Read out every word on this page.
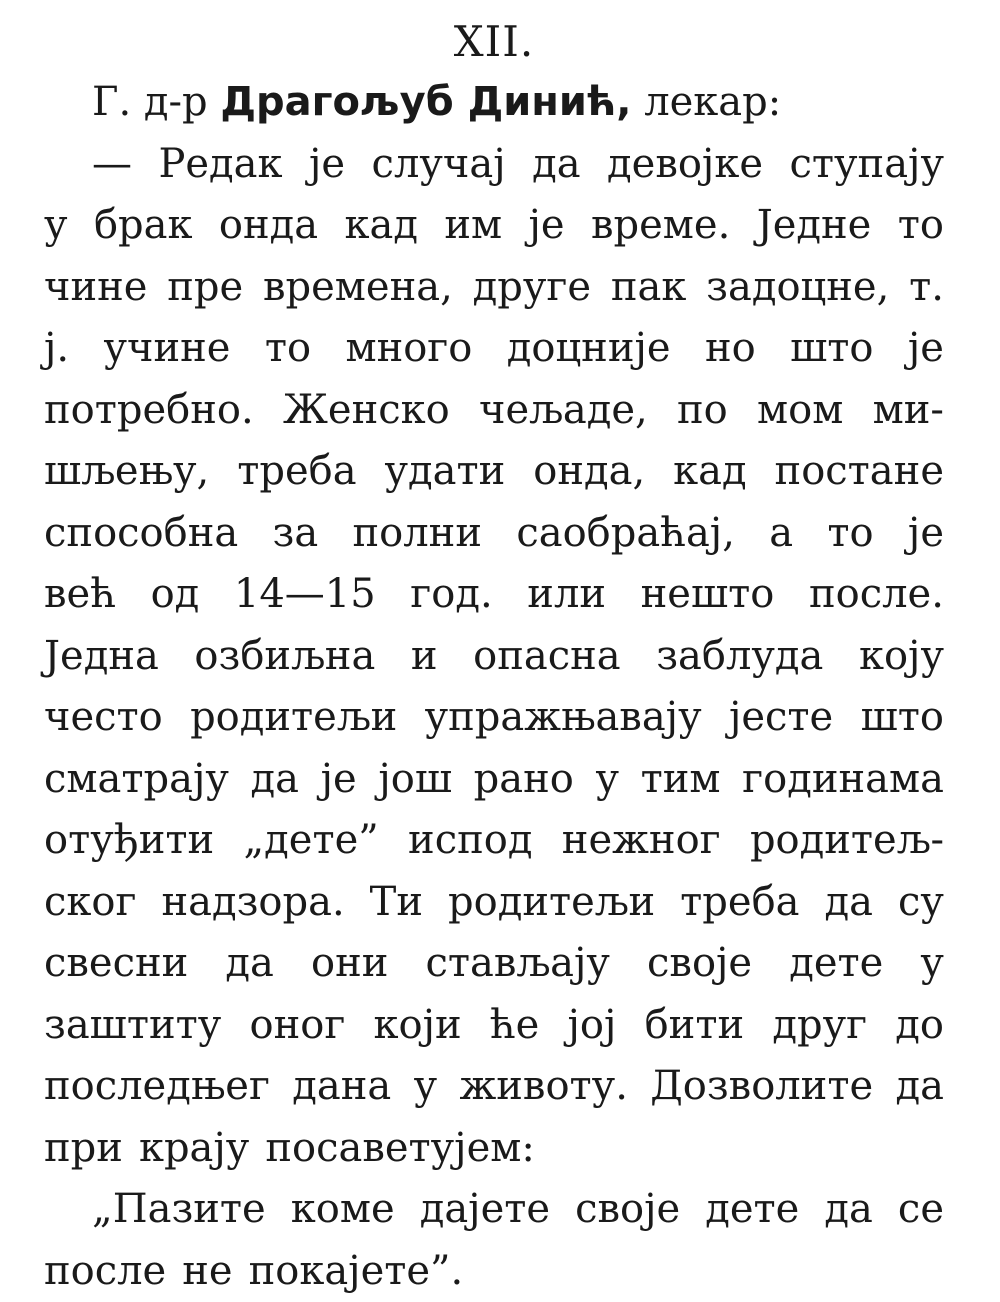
XII.
Г. д-р Драгољуб Динић, лекар:
— Редак је случај да девојке ступају
у брак онда кад им је време. Једне то
чине пре времена, друге пак задоцне, т.
ј. учине то много доцније но што је
потребно. Женско чељаде, по мом ми-
шљењу, треба удати онда, кад постане
способна за полни саобраћај, а то је
већ од 14—15 год. или нешто после.
Једна озбиљна и опасна заблуда коју
често родитељи упражњавају јесте што
сматрају да је још рано у тим годинама
отуђити „дете” испод нежног родитељ-
ског надзора. Ти родитељи треба да су
свесни да они стављају своје дете у
заштиту оног који ће јој бити друг до
последњег дана у животу. Дозволите да
при крају посаветујем:
„Пазите коме дајете своје дете да се
после не покајете”.
